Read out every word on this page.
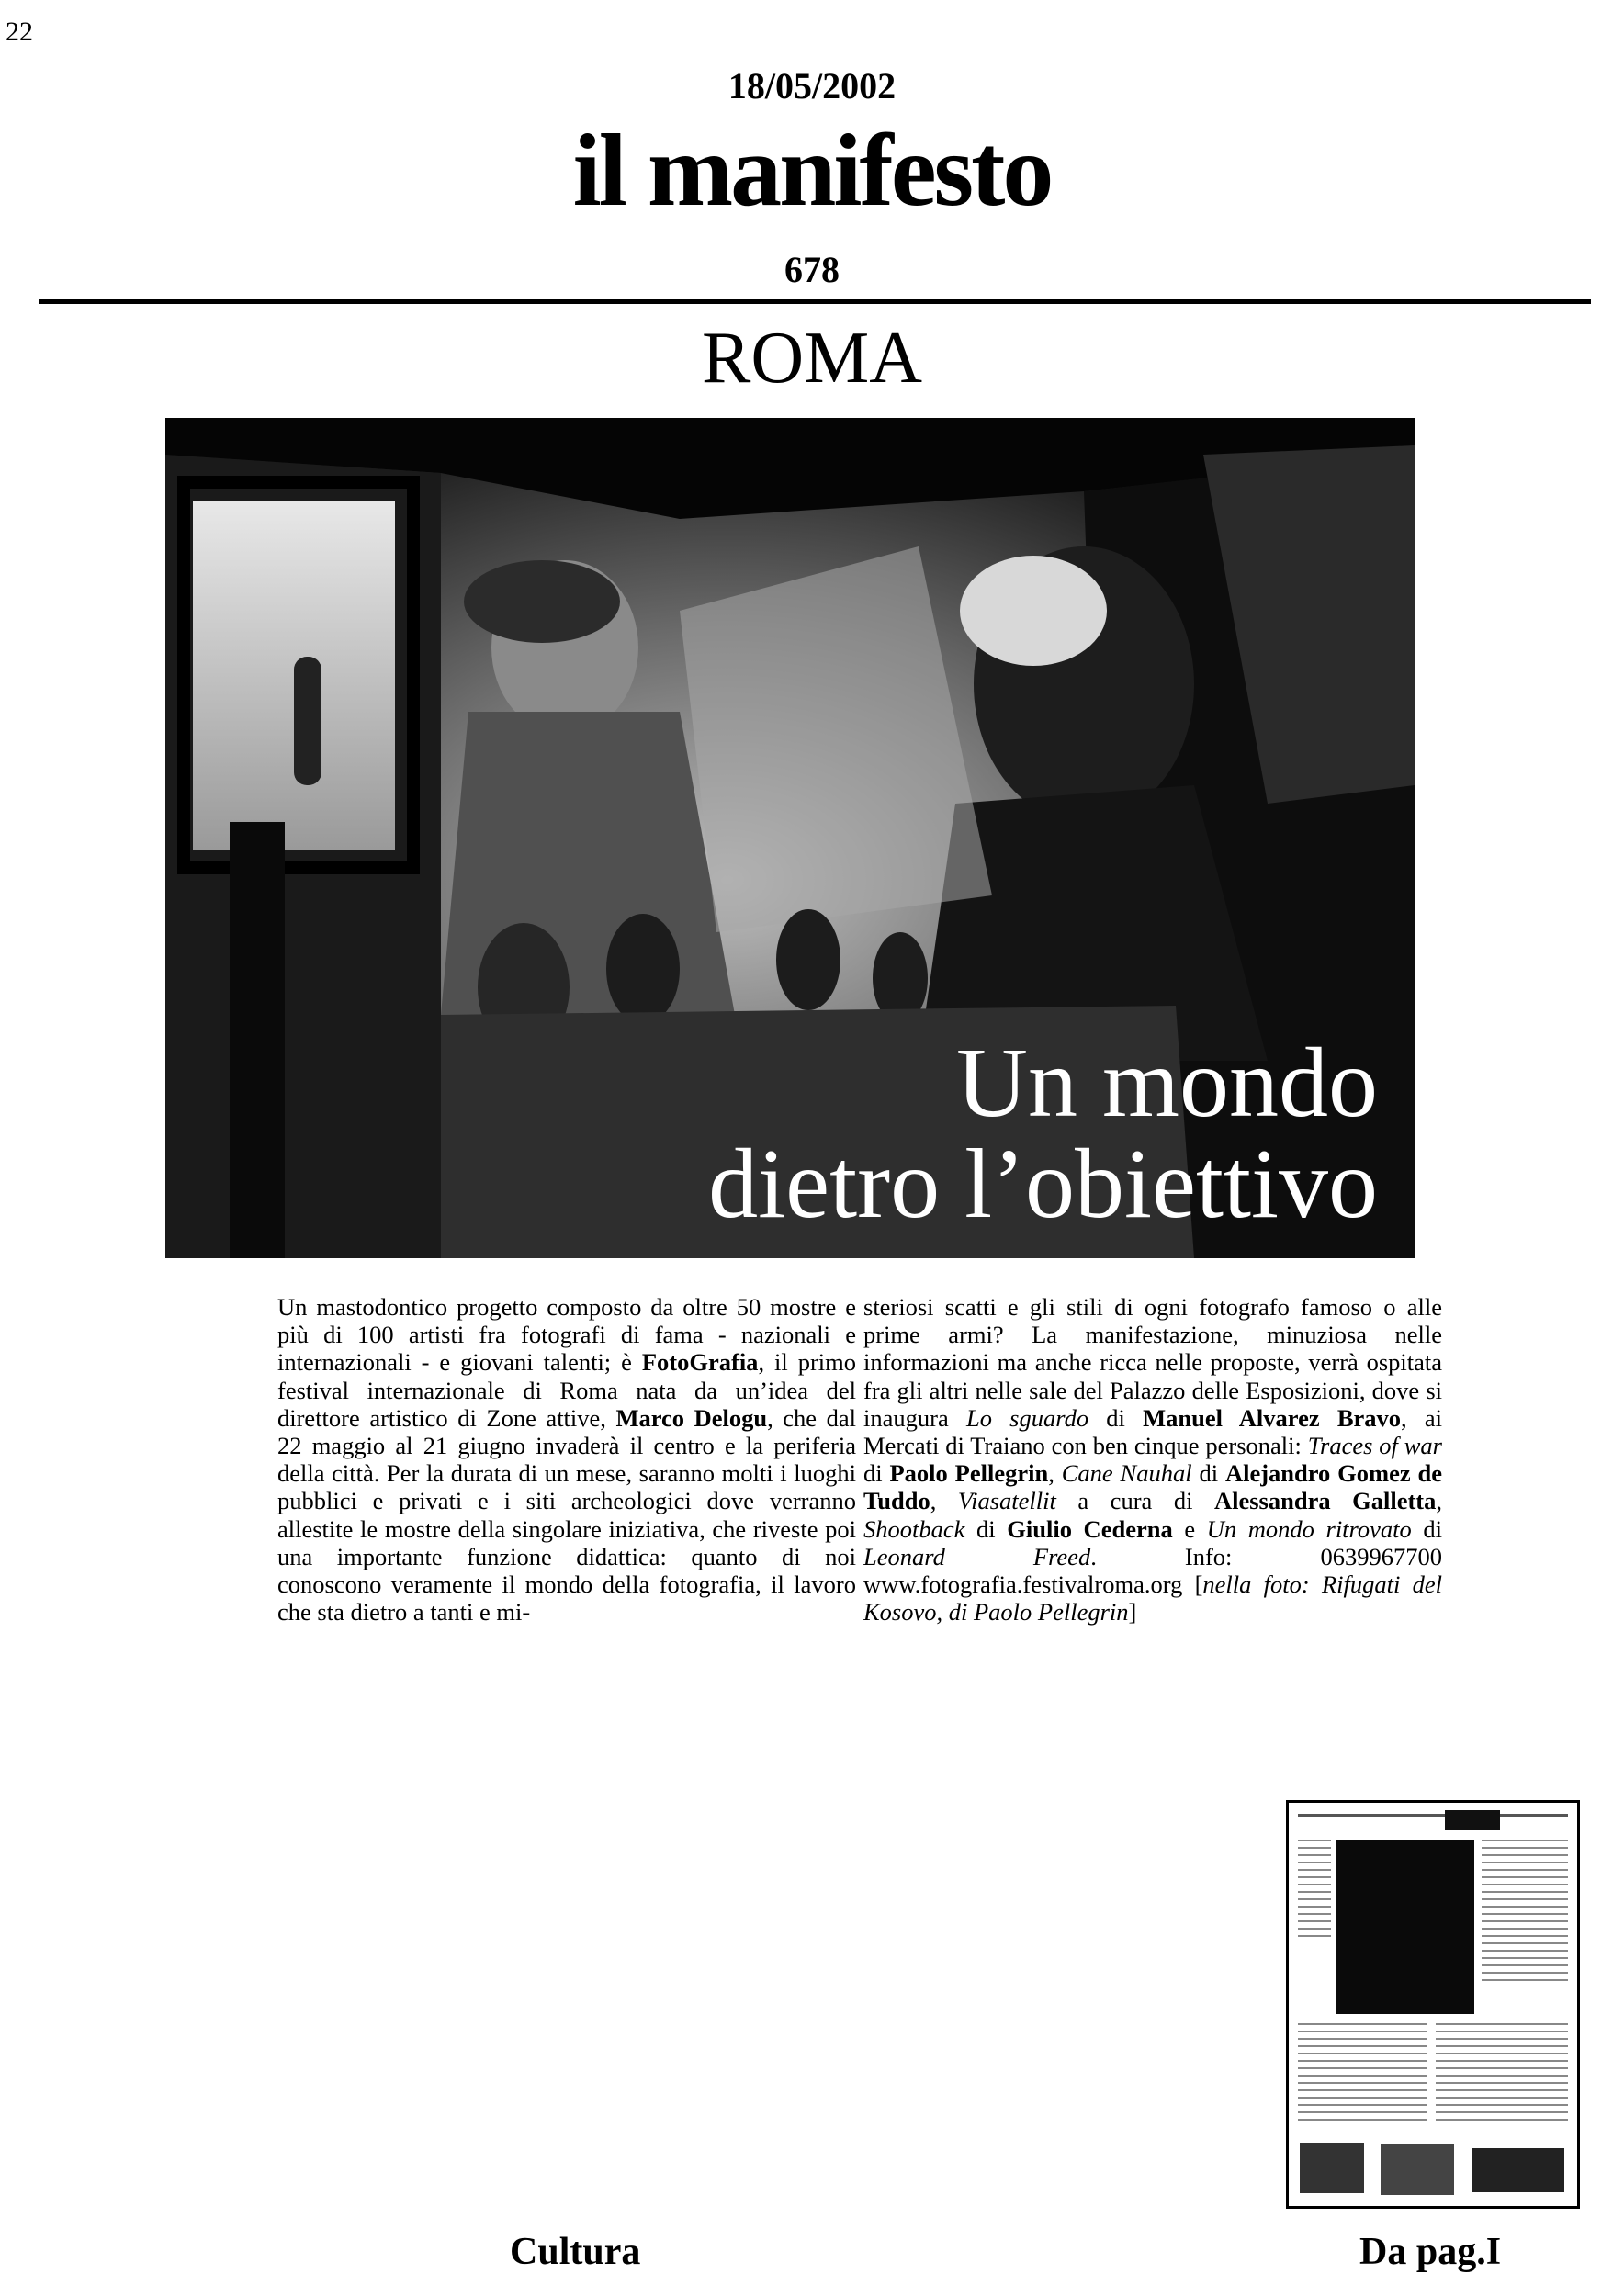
22
18/05/2002
il manifesto
678
ROMA
Un mondo
dietro l’obiettivo
Un mastodontico progetto composto da oltre 50 mostre e più di 100 artisti fra fotografi di fama - nazionali e internazionali - e giovani talenti; è FotoGrafia, il primo festival internazionale di Roma nata da un’idea del direttore artistico di Zone attive, Marco Delogu, che dal 22 maggio al 21 giugno invaderà il centro e la periferia della città. Per la durata di un mese, saranno molti i luoghi pubblici e privati e i siti archeologici dove verranno allestite le mostre della singolare iniziativa, che riveste poi una importante funzione didattica: quanto di noi conoscono veramente il mondo della fotografia, il lavoro che sta dietro a tanti e mi-
steriosi scatti e gli stili di ogni fotografo famoso o alle prime armi? La manifestazione, minuziosa nelle informazioni ma anche ricca nelle proposte, verrà ospitata fra gli altri nelle sale del Palazzo delle Esposizioni, dove si inaugura Lo sguardo di Manuel Alvarez Bravo, ai Mercati di Traiano con ben cinque personali: Traces of war di Paolo Pellegrin, Cane Nauhal di Alejandro Gomez de Tuddo, Viasatellit a cura di Alessandra Galletta, Shootback di Giulio Cederna e Un mondo ritrovato di Leonard Freed. Info: 0639967700 www.fotografia.festivalroma.org [nella foto: Rifugati del Kosovo, di Paolo Pellegrin]
Cultura	Da pag.I
